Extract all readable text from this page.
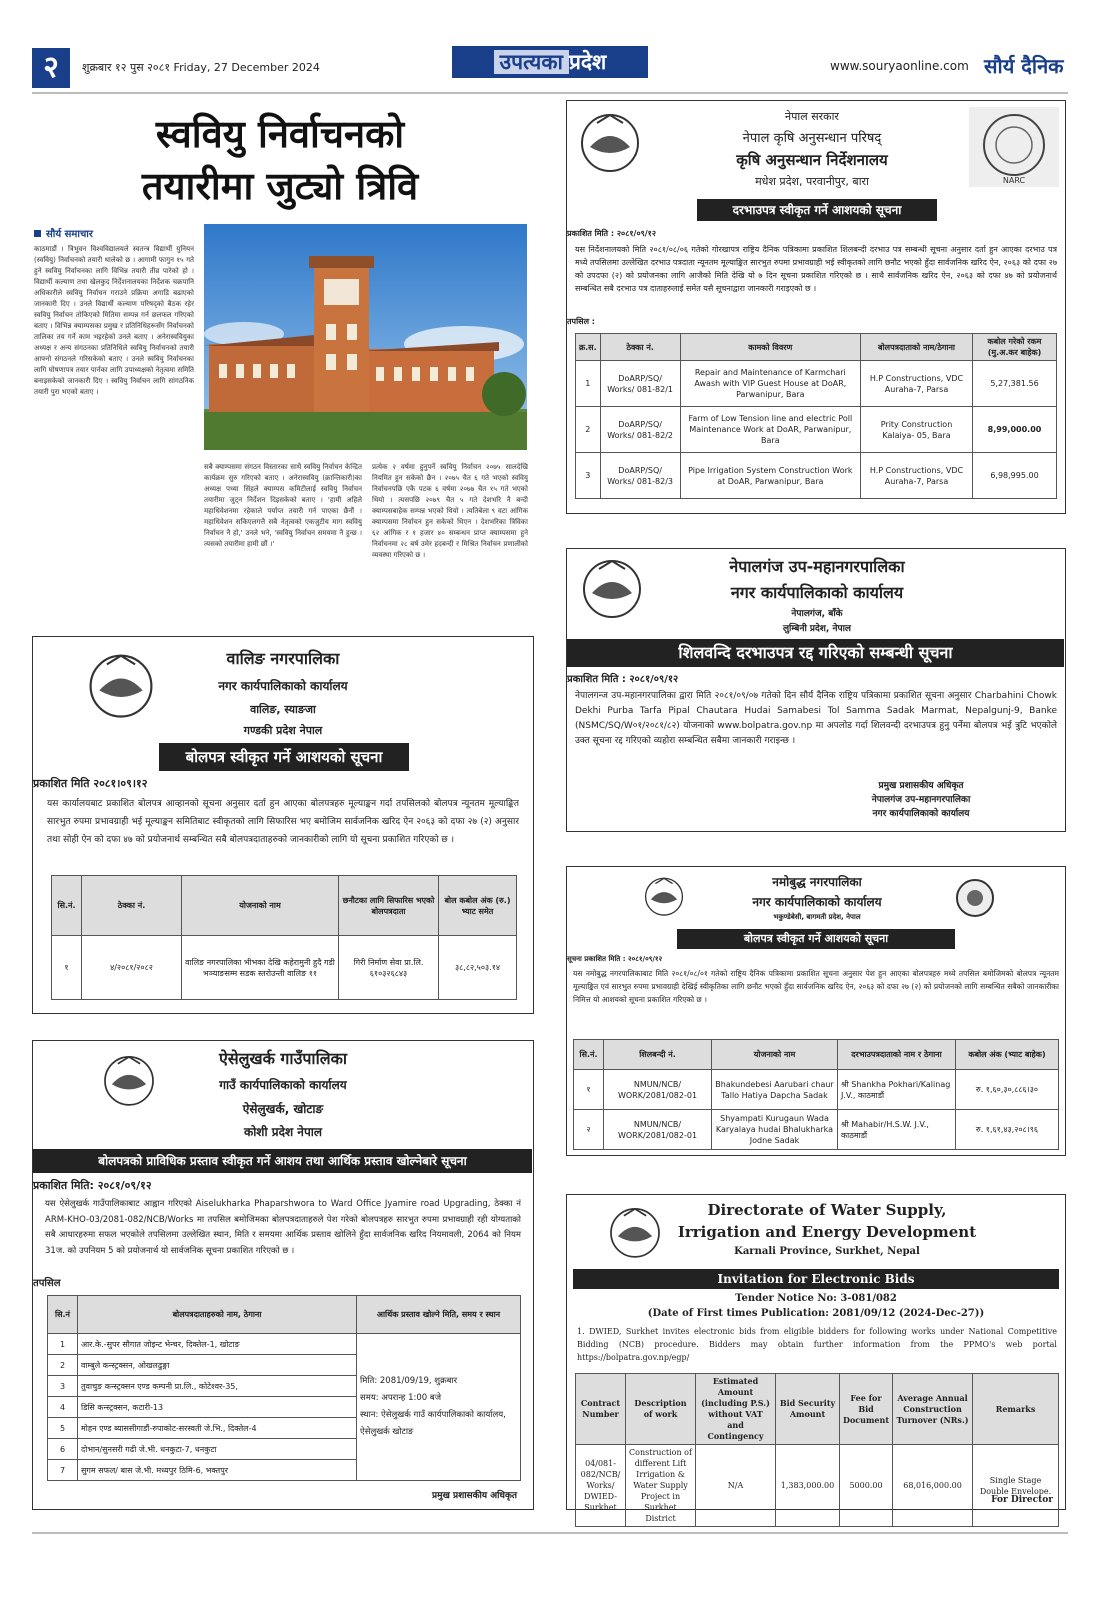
२	शुक्रबार १२ पुस २०८१ Friday, 27 December 2024	उपत्यका प्रदेश	www.souryaonline.com सौर्य दैनिक
स्ववियु निर्वाचनको
तयारीमा जुट्यो त्रिवि
सौर्य समाचार
काठमाडौं । त्रिभुवन विश्वविद्यालयले स्वतन्त्र विद्यार्थी युनियन (स्ववियु) निर्वाचनको तयारी थालेको छ । आगामी फागुन १५ गते हुने स्ववियु निर्वाचनका लागि विभिन्न तयारी तीव्र पारेको हो । विद्यार्थी कल्याण तथा खेलकुद निर्देशनालयका निर्देशक चक्रपानि अधिकारीले स्ववियु निर्वाचन गराउने प्रक्रिया अगाडि बढाएको जानकारी दिए । उनले विद्यार्थी कल्याण परिषद्को बैठक रहेर स्ववियु निर्वाचन तोकिएको मितिमा सम्पन्न गर्न छलफल गरिएको बताए । विभिन्न क्याम्पसका प्रमुख र प्रतिनिधिहरूसँग निर्वाचनको तालिका तय गर्ने काम भइरहेको उनले बताए । अनेरास्ववियुका अध्यक्ष र अन्य संगठनका प्रतिनिधिले स्ववियु निर्वाचनको तयारी आफ्नो संगठनले गरिसकेको बताए । उनले स्ववियु निर्वाचनका लागि घोषणापत्र तयार पार्नका लागि उपाध्यक्षको नेतृत्वमा समिति बनाइसकेको जानकारी दिए । स्ववियु निर्वाचन लागि सांगठनिक तयारी पुरा भएको बताए ।
सबै क्याम्पसमा संगठन विस्तारका साथै स्ववियु निर्वाचन केन्द्रित कार्यक्रम सुरु गरिएको बताए । अनेरास्ववियु (क्रान्तिकारी)का अध्यक्ष पथ्या सिंहले क्याम्पस कमिटीलाई स्ववियु निर्वाचन तयारीमा जुट्न निर्देशन दिइसकेको बताए । 'हामी अहिले महाधिवेशनमा रहेकाले पर्याप्त तयारी गर्न पाएका छैनौं । महाधिवेशन सकिएलगत्तै सबै नेतृत्वको एकजुटीय माग स्ववियु निर्वाचन नै हो,' उनले भने, 'स्ववियु निर्वाचन समयमा नै हुन्छ । त्यसको तयारीमा हामी छौं ।'
प्रत्येक २ वर्षमा हुनुपर्ने स्ववियु निर्वाचन २०७५ सालदेखि नियमित हुन सकेको छैन । २०७५ चैत ६ गते भएको स्ववियु निर्वाचनपछि एकै पटक ६ वर्षमा २०७७ चैत १५ गते भएको थियो । त्यसपछि २०७९ चैत ५ गते देशभरि नै बन्दी क्याम्पसबाहेक सम्पन्न भएको थियो । त्यतिबेला ९ वटा आंगिक क्याम्पसमा निर्वाचन हुन सकेको थिएन । देशभरिका त्रिविका ६२ आंगिक र १ हजार ४० सम्बन्धन प्राप्त क्याम्पसमा हुने निर्वाचनमा २८ बर्ष उमेर हदबन्दी र मिश्रित निर्वाचन प्रणालीको व्यवस्था गरिएको छ ।
NARC
नेपाल सरकार
नेपाल कृषि अनुसन्धान परिषद्
कृषि अनुसन्धान निर्देशनालय
मधेश प्रदेश, परवानीपुर, बारा
दरभाउपत्र स्वीकृत गर्ने आशयको सूचना
प्रकाशित मिति : २०८१/०९/१२
यस निर्देशनालयको मिति २०८१/०८/०६ गतेको गोरखापत्र राष्ट्रिय दैनिक पत्रिकामा प्रकाशित शिलबन्दी दरभाउ पत्र सम्बन्धी सूचना अनुसार दर्ता हुन आएका दरभाउ पत्र मध्ये तपसिलमा उल्लेखित दरभाउ पत्रदाता न्यूनतम मूल्याङ्कित सारभुत रुपमा प्रभावग्राही भई स्वीकृतको लागि छनौट भएको हुँदा सार्वजनिक खरिद ऐन, २०६३ को दफा २७ को उपदफा (२) को प्रयोजनका लागि आजैको मिति देखि यो ७ दिन सूचना प्रकाशित गरिएको छ । साथै सार्वजनिक खरिद ऐन, २०६३ को दफा ४७ को प्रयोजनार्थ सम्बन्धित सबै दरभाउ पत्र दाताहरुलाई समेत यसै सूचनाद्वारा जानकारी गराइएको छ ।
तपसिल :
क्र.स.	ठेक्का नं.	कामको विवरण	बोलपत्रदाताको नाम/ठेगाना	कबोल गरेको रकम (मु.अ.कर बाहेक)
1	DoARP/SQ/ Works/ 081-82/1	Repair and Maintenance of Karmchari Awash with VIP Guest House at DoAR, Parwanipur, Bara	H.P Constructions, VDC Auraha-7, Parsa	5,27,381.56
2	DoARP/SQ/ Works/ 081-82/2	Farm of Low Tension line and electric Poll Maintenance Work at DoAR, Parwanipur, Bara	Prity Construction Kalaiya- 05, Bara	8,99,000.00
3	DoARP/SQ/ Works/ 081-82/3	Pipe Irrigation System Construction Work at DoAR, Parwanipur, Bara	H.P Constructions, VDC Auraha-7, Parsa	6,98,995.00
नेपालगंज उप-महानगरपालिका
नगर कार्यपालिकाको कार्यालय
नेपालगंज, बाँके
लुम्बिनी प्रदेश, नेपाल
शिलवन्दि दरभाउपत्र रद्द गरिएको सम्बन्धी सूचना
प्रकाशित मिति : २०८१/०९/१२
नेपालगन्ज उप-महानगरपालिका द्वारा मिति २०८१/०९/०७ गतेको दिन सौर्य दैनिक राष्ट्रिय पत्रिकामा प्रकाशित सूचना अनुसार Charbahini Chowk Dekhi Purba Tarfa Pipal Chautara Hudai Samabesi Tol Samma Sadak Marmat, Nepalgunj-9, Banke (NSMC/SQ/W०१/२०८१/८२) योजनाको www.bolpatra.gov.np मा अपलोड गर्दा शिलवन्दी दरभाउपत्र हुनु पर्नेमा बोलपत्र भई त्रुटि भएकोले उक्त सूचना रद्द गरिएको व्यहोरा सम्बन्धित सबैमा जानकारी गराइन्छ ।
प्रमुख प्रशासकीय अधिकृत
नेपालगंज उप-महानगरपालिका
नगर कार्यपालिकाको कार्यालय
वालिङ नगरपालिका
नगर कार्यपालिकाको कार्यालय
वालिङ, स्याङजा
गण्डकी प्रदेश नेपाल
बोलपत्र स्वीकृत गर्ने आशयको सूचना
प्रकाशित मिति २०८१।०९।१२
यस कार्यालयबाट प्रकाशित बोलपत्र आव्हानको सूचना अनुसार दर्ता हुन आएका बोलपत्रहरु मूल्याङ्कन गर्दा तपसिलको बोलपत्र न्यूनतम मूल्याङ्कित सारभुत रुपमा प्रभावग्राही भई मूल्याङ्कन समितिबाट स्वीकृतको लागि सिफारिस भए बमोजिम सार्वजनिक खरिद ऐन २०६३ को दफा २७ (२) अनुसार तथा सोही ऐन को दफा ४७ को प्रयोजनार्थ सम्बन्धित सबै बोलपत्रदाताहरुको जानकारीको लागि यो सूचना प्रकाशित गरिएको छ ।
सि.नं.	ठेक्का नं.	योजनाको नाम	छनौटका लागि सिफारिस भएको बोलपत्रदाता	बोल कबोल अंक (रु.) भ्याट समेत
१	४/२०८१/२०८२	वालिङ नगरपालिका भीभका देखि कहेरामुनी हुदै गडी भञ्याङसम्म सडक स्तरोउन्ती वालिङ ११	गिरी निर्माण सेवा प्रा.लि. ६१०३२६८४३	३८,८२,५०३.१४
नमोबुद्ध नगरपालिका
नगर कार्यपालिकाको कार्यालय
भकुण्डेबेसी, बागमती प्रदेश, नेपाल
बोलपत्र स्वीकृत गर्ने आशयको सूचना
सूचना प्रकाशित मिति : २०८१/०९/१२
यस नमोबुद्ध नगरपालिकाबाट मिति २०८१/०८/०१ गतेको राष्ट्रिय दैनिक पत्रिकामा प्रकाशित सूचना अनुसार पेश हुन आएका बोलपत्रहरु मध्ये तपसिल बमोजिमको बोलपत्र न्यूनतम मूल्याङ्कित एवं सारभुत रुपमा प्रभावग्राही देखिई स्वीकृतिका लागि छनौट भएको हुँदा सार्वजनिक खरिद ऐन, २०६३ को दफा २७ (२) को प्रयोजनको लागि सम्बन्धित सबैको जानकारीका निमित्त यो आशयको सूचना प्रकाशित गरिएको छ ।
सि.नं.	शिलबन्दी नं.	योजनाको नाम	दरभाउपत्रदाताको नाम र ठेगाना	कबोल अंक (भ्याट बाहेक)
१	NMUN/NCB/ WORK/2081/082-01	Bhakundebesi Aarubari chaur Tallo Hatiya Dapcha Sadak	श्री Shankha Pokhari/Kalinag J.V., काठमाडौं	रु. १,६०,३०,८८६।३०
२	NMUN/NCB/ WORK/2081/082-01	Shyampati Kurugaun Wada Karyalaya hudai Bhalukharka Jodne Sadak	श्री Mahabir/H.S.W. J.V., काठमाडौं	रु. १,६१,४३,२०८।९६
ऐसेलुखर्क गाउँपालिका
गाउँ कार्यपालिकाको कार्यालय
ऐसेलुखर्क, खोटाङ
कोशी प्रदेश नेपाल
बोलपत्रको प्राविधिक प्रस्ताव स्वीकृत गर्ने आशय तथा आर्थिक प्रस्ताव खोल्नेबारे सूचना
प्रकाशित मिति: २०८१/०९/१२
यस ऐसेलुखर्क गाउँपालिकाबाट आह्वान गरिएको Aiselukharka Phaparshwora to Ward Office Jyamire road Upgrading, ठेक्का नं ARM-KHO-03/2081-082/NCB/Works मा तपसिल बमोजिमका बोलपत्रदाताहरुले पेश गरेको बोलपत्रहरु सारभुत रुपमा प्रभावग्राही रही योग्यताको सबै आधारहरुमा सफल भएकोले तपसिलमा उल्लेखित स्थान, मिति र समयमा आर्थिक प्रस्ताव खोलिने हुँदा सार्वजनिक खरिद नियमावली, 2064 को नियम 31ज. को उपनियम 5 को प्रयोजनार्थ यो सार्वजनिक सूचना प्रकाशित गरिएको छ ।
तपसिल
सि.नं	बोलपत्रदाताहरुको नाम, ठेगाना	आर्थिक प्रस्ताव खोल्ने मिति, समय र स्थान
1	आर.के.-सुपर सौगात जोइन्ट भेन्चर, दिक्तेल-1, खोटाङ	मिति: 2081/09/19, शुक्रबार
समय: अपरान्ह 1:00 बजे
स्थान: ऐसेलुखर्क गाउँ कार्यपालिकाको कार्यालय, ऐसेलुखर्क खोटाङ

2	वाम्बुले कन्स्ट्रक्सन, ओखलढुङ्गा	
3	तुवाचुङ कन्स्ट्रक्सन एण्ड कम्पनी प्रा.लि., कोटेश्वर-35,	
4	डिसि कन्स्ट्रक्सन, कटारी-13	
5	मोहन एण्ड ब्याससीगाडौं-रुपाकोट-सरस्वती जे.भि., दिक्तेल-4	
6	दोभान/सुनसरी गढी जे.भी. धनकुटा-7, धनकुटा	
7	सुगम सफल/ बास जे.भी. मध्यपुर ठिमि-6, भक्तपुर	
प्रमुख प्रशासकीय अधिकृत
Directorate of Water Supply,
Irrigation and Energy Development
Karnali Province, Surkhet, Nepal
Invitation for Electronic Bids
Tender Notice No: 3-081/082
(Date of First times Publication: 2081/09/12 (2024-Dec-27))
1. DWIED, Surkhet invites electronic bids from eligible bidders for following works under National Competitive Bidding (NCB) procedure. Bidders may obtain further information from the PPMO's web portal https://bolpatra.gov.np/egp/
Contract Number	Description of work	Estimated Amount (including P.S.) without VAT and Contingency	Bid Security Amount	Fee for Bid Document	Average Annual Construction Turnover (NRs.)	Remarks
04/081-082/NCB/ Works/ DWIED-Surkhet	Construction of different Lift Irrigation & Water Supply Project in Surkhet District	N/A	1,383,000.00	5000.00	68,016,000.00	Single Stage Double Envelope.
For Director
